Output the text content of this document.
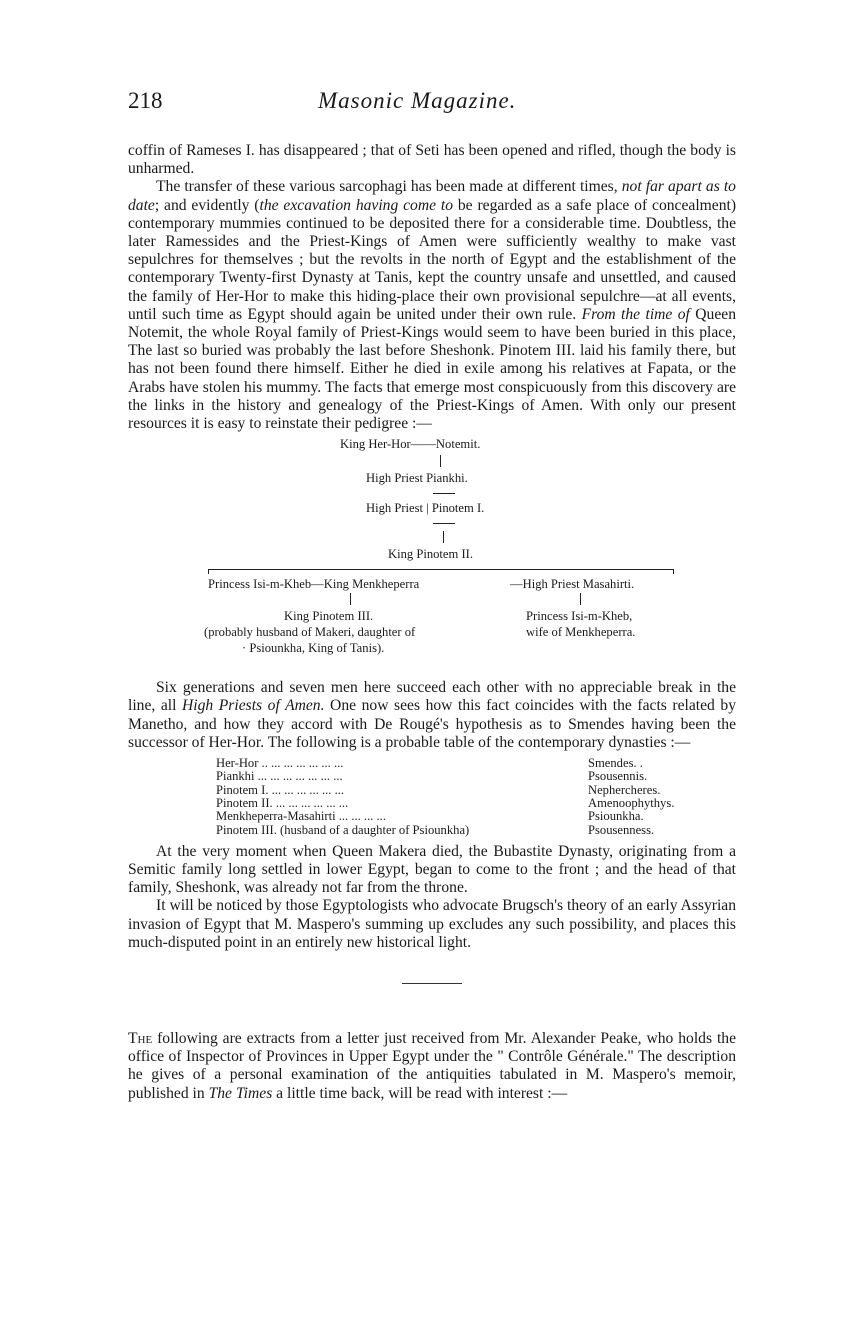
218	Masonic Magazine.

coffin of Rameses I. has disappeared ; that of Seti has been opened and rifled, though the body is unharmed.

The transfer of these various sarcophagi has been made at different times, not far apart as to date; and evidently (the excavation having come to be regarded as a safe place of concealment) contemporary mummies continued to be deposited there for a considerable time. Doubtless, the later Ramessides and the Priest-Kings of Amen were sufficiently wealthy to make vast sepulchres for themselves ; but the revolts in the north of Egypt and the establishment of the contemporary Twenty-first Dynasty at Tanis, kept the country unsafe and unsettled, and caused the family of Her-Hor to make this hiding-place their own provisional sepulchre—at all events, until such time as Egypt should again be united under their own rule. From the time of Queen Notemit, the whole Royal family of Priest-Kings would seem to have been buried in this place, The last so buried was probably the last before Sheshonk. Pinotem III. laid his family there, but has not been found there himself. Either he died in exile among his relatives at Fapata, or the Arabs have stolen his mummy. The facts that emerge most conspicuously from this discovery are the links in the history and genealogy of the Priest-Kings of Amen. With only our present resources it is easy to reinstate their pedigree :—

King Her-Hor——Notemit.
High Priest Piankhi.
High Priest | Pinotem I.
King Pinotem II.
Princess Isi-m-Kheb—King Menkheperra	—High Priest Masahirti.
King Pinotem III.
(probably husband of Makeri, daughter of
· Psiounkha, King of Tanis).
Princess Isi-m-Kheb,
wife of Menkheperra.

Six generations and seven men here succeed each other with no appreciable break in the line, all High Priests of Amen. One now sees how this fact coincides with the facts related by Manetho, and how they accord with De Rougé's hypothesis as to Smendes having been the successor of Her-Hor. The following is a probable table of the contemporary dynasties :—

Her-Hor .. ... ... ... ... ... ...	Smendes. .
Piankhi ... ... ... ... ... ... ...	Psousennis.
Pinotem I. ... ... ... ... ... ...	Nephercheres.
Pinotem II. ... ... ... ... ... ...	Amenoophythys.
Menkheperra-Masahirti ... ... ... ...	Psiounkha.
Pinotem III. (husband of a daughter of Psiounkha)	Psousenness.

At the very moment when Queen Makera died, the Bubastite Dynasty, originating from a Semitic family long settled in lower Egypt, began to come to the front ; and the head of that family, Sheshonk, was already not far from the throne.

It will be noticed by those Egyptologists who advocate Brugsch's theory of an early Assyrian invasion of Egypt that M. Maspero's summing up excludes any such possibility, and places this much-disputed point in an entirely new historical light.

The following are extracts from a letter just received from Mr. Alexander Peake, who holds the office of Inspector of Provinces in Upper Egypt under the " Contrôle Générale." The description he gives of a personal examination of the antiquities tabulated in M. Maspero's memoir, published in The Times a little time back, will be read with interest :—
